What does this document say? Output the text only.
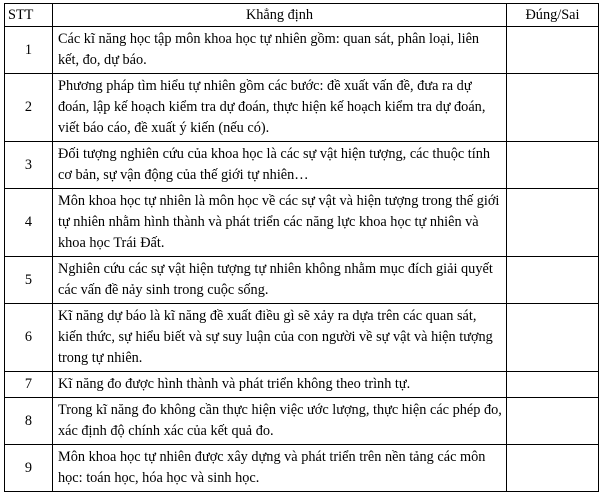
STT	Khẳng định	Đúng/Sai
1	Các kĩ năng học tập môn khoa học tự nhiên gồm: quan sát, phân loại, liên kết, đo, dự báo.	
2	Phương pháp tìm hiểu tự nhiên gồm các bước: đề xuất vấn đề, đưa ra dự đoán, lập kế hoạch kiểm tra dự đoán, thực hiện kế hoạch kiểm tra dự đoán, viết báo cáo, đề xuất ý kiến (nếu có).	
3	Đối tượng nghiên cứu của khoa học là các sự vật hiện tượng, các thuộc tính cơ bản, sự vận động của thế giới tự nhiên…	
4	Môn khoa học tự nhiên là môn học về các sự vật và hiện tượng trong thế giới tự nhiên nhằm hình thành và phát triển các năng lực khoa học tự nhiên và khoa học Trái Đất.	
5	Nghiên cứu các sự vật hiện tượng tự nhiên không nhằm mục đích giải quyết các vấn đề nảy sinh trong cuộc sống.	
6	Kĩ năng dự báo là kĩ năng đề xuất điều gì sẽ xảy ra dựa trên các quan sát, kiến thức, sự hiểu biết và sự suy luận của con người về sự vật và hiện tượng trong tự nhiên.	
7	Kĩ năng đo được hình thành và phát triển không theo trình tự.	
8	Trong kĩ năng đo không cần thực hiện việc ước lượng, thực hiện các phép đo, xác định độ chính xác của kết quả đo.	
9	Môn khoa học tự nhiên được xây dựng và phát triển trên nền tảng các môn học: toán học, hóa học và sinh học.	
